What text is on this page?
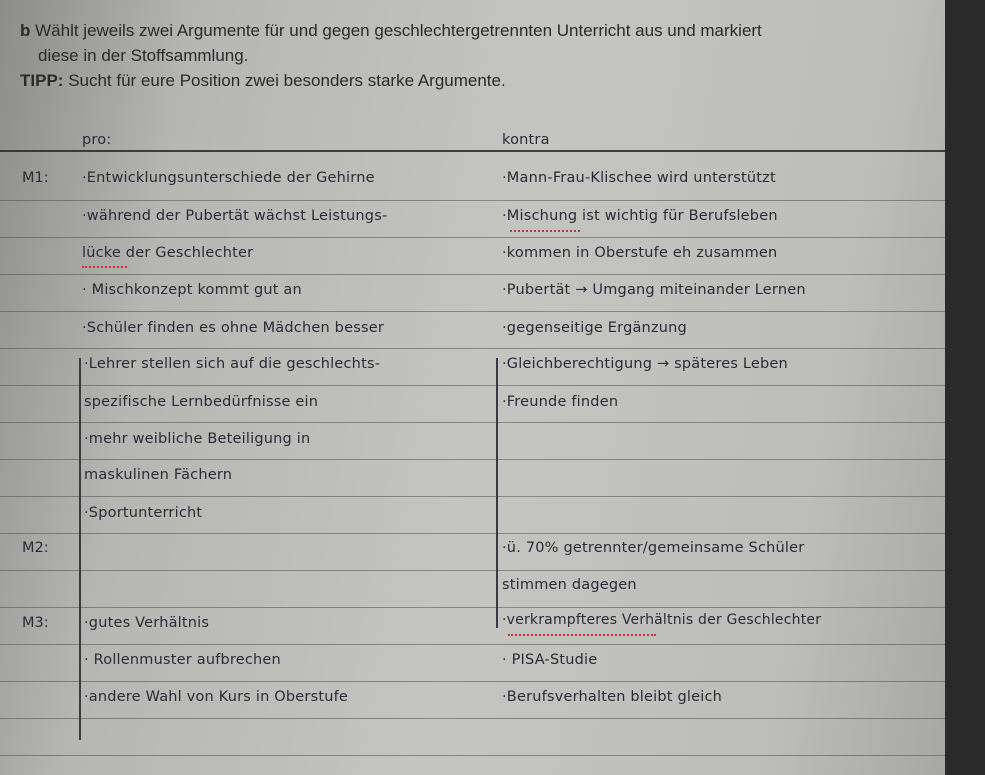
b Wählt jeweils zwei Argumente für und gegen geschlechtergetrennten Unterricht aus und markiert
diese in der Stoffsammlung.
TIPP: Sucht für eure Position zwei besonders starke Argumente.
pro:	kontra
M1:
M2:
M3:
·Entwicklungsunterschiede der Gehirne
·während der Pubertät wächst Leistungs-
lücke der Geschlechter
· Mischkonzept kommt gut an
·Schüler finden es ohne Mädchen besser
·Lehrer stellen sich auf die geschlechts-
spezifische Lernbedürfnisse ein
·mehr weibliche Beteiligung in
maskulinen Fächern
·Sportunterricht
·gutes Verhältnis
· Rollenmuster aufbrechen
·andere Wahl von Kurs in Oberstufe
·Mann-Frau-Klischee wird unterstützt
·Mischung ist wichtig für Berufsleben
·kommen in Oberstufe eh zusammen
·Pubertät → Umgang miteinander Lernen
·gegenseitige Ergänzung
·Gleichberechtigung → späteres Leben
·Freunde finden
·ü. 70% getrennter/gemeinsame Schüler
stimmen dagegen
·verkrampfteres Verhältnis der Geschlechter
· PISA-Studie
·Berufsverhalten bleibt gleich
